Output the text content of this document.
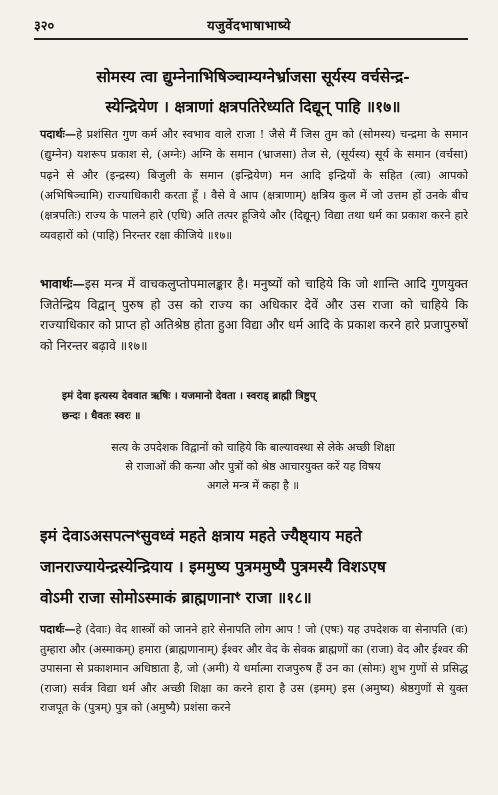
३२०	यजुर्वेदभाषाभाष्ये
सोमस्य त्वा द्युम्नेनाभिषिञ्चाम्यग्नेर्भ्राजसा सूर्यस्य वर्चसेन्द्र-
स्येन्द्रियेण । क्षत्राणां क्षत्रपतिरेध्यति दिद्यून् पाहि ॥१७॥
पदार्थः—हे प्रशंसित गुण कर्म और स्वभाव वाले राजा ! जैसे मैं जिस तुम को (सोमस्य) चन्द्रमा के समान (द्युम्नेन) यशरूप प्रकाश से, (अग्नेः) अग्नि के समान (भ्राजसा) तेज से, (सूर्यस्य) सूर्य के समान (वर्चसा) पढ़ने से और (इन्द्रस्य) बिजुली के समान (इन्द्रियेण) मन आदि इन्द्रियों के सहित (त्वा) आपको (अभिषिञ्चामि) राज्याधिकारी करता हूँ । वैसे वे आप (क्षत्राणाम्) क्षत्रिय कुल में जो उत्तम हों उनके बीच (क्षत्रपतिः) राज्य के पालने हारे (एधि) अति तत्पर हूजिये और (दिद्यून्) विद्या तथा धर्म का प्रकाश करने हारे व्यवहारों को (पाहि) निरन्तर रक्षा कीजिये ॥१७॥
भावार्थः—इस मन्त्र में वाचकलुप्तोपमालङ्कार है। मनुष्यों को चाहिये कि जो शान्ति आदि गुणयुक्त जितेन्द्रिय विद्वान् पुरुष हो उस को राज्य का अधिकार देवें और उस राजा को चाहिये कि राज्याधिकार को प्राप्त हो अतिश्रेष्ठ होता हुआ विद्या और धर्म आदि के प्रकाश करने हारे प्रजापुरुषों को निरन्तर बढ़ावे ॥१७॥
इमं देवा इत्यस्य देववात ऋषिः । यजमानो देवता । स्वराड् ब्राह्मी त्रिष्टुप्
छन्दः । धैवतः स्वरः ॥
सत्य के उपदेशक विद्वानों को चाहिये कि बाल्यावस्था से लेके अच्छी शिक्षा
से राजाओं की कन्या और पुत्रों को श्रेष्ठ आचारयुक्त करें यह विषय
अगले मन्त्र में कहा है ॥
इमं देवाऽअसपत्नꣳसुवध्वं महते क्षत्राय महते ज्यैष्ठ्याय महते
जानराज्यायेन्द्रस्येन्द्रियाय । इममुष्य पुत्रममुष्यै पुत्रमस्यै विशऽएष
वोऽमी राजा सोमोऽस्माकं ब्राह्मणानाꣳ राजा ॥१८॥
पदार्थः—हे (देवाः) वेद शास्त्रों को जानने हारे सेनापति लोग आप ! जो (एषः) यह उपदेशक वा सेनापति (वः) तुम्हारा और (अस्माकम्) हमारा (ब्राह्मणानाम्) ईश्वर और वेद के सेवक ब्राह्मणों का (राजा) वेद और ईश्वर की उपासना से प्रकाशमान अधिष्ठाता है, जो (अमी) ये धर्मात्मा राजपुरुष हैं उन का (सोमः) शुभ गुणों से प्रसिद्ध (राजा) सर्वत्र विद्या धर्म और अच्छी शिक्षा का करने हारा है उस (इमम्) इस (अमुष्य) श्रेष्ठगुणों से युक्त राजपूत के (पुत्रम्) पुत्र को (अमुष्यै) प्रशंसा करने
